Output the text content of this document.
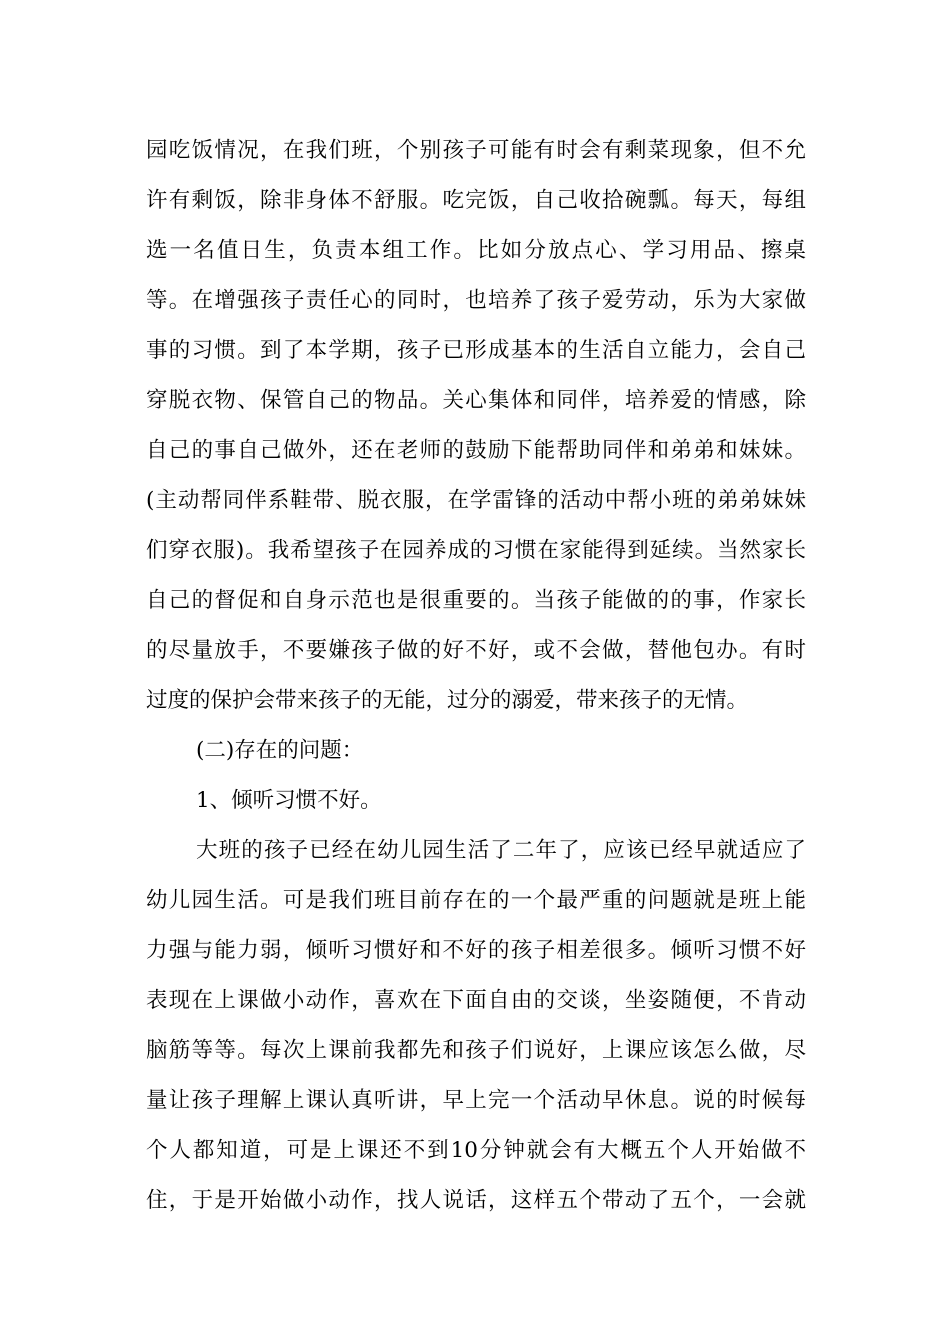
园吃饭情况，在我们班，个别孩子可能有时会有剩菜现象，但不允
许有剩饭，除非身体不舒服。吃完饭，自己收拾碗瓢。每天，每组
选一名值日生，负责本组工作。比如分放点心、学习用品、擦桌
等。在增强孩子责任心的同时，也培养了孩子爱劳动，乐为大家做
事的习惯。到了本学期，孩子已形成基本的生活自立能力，会自己
穿脱衣物、保管自己的物品。关心集体和同伴，培养爱的情感，除
自己的事自己做外，还在老师的鼓励下能帮助同伴和弟弟和妹妹。
(主动帮同伴系鞋带、脱衣服，在学雷锋的活动中帮小班的弟弟妹妹
们穿衣服)。我希望孩子在园养成的习惯在家能得到延续。当然家长
自己的督促和自身示范也是很重要的。当孩子能做的的事，作家长
的尽量放手，不要嫌孩子做的好不好，或不会做，替他包办。有时
过度的保护会带来孩子的无能，过分的溺爱，带来孩子的无情。
(二)存在的问题：
1、倾听习惯不好。
大班的孩子已经在幼儿园生活了二年了，应该已经早就适应了
幼儿园生活。可是我们班目前存在的一个最严重的问题就是班上能
力强与能力弱，倾听习惯好和不好的孩子相差很多。倾听习惯不好
表现在上课做小动作，喜欢在下面自由的交谈，坐姿随便，不肯动
脑筋等等。每次上课前我都先和孩子们说好，上课应该怎么做，尽
量让孩子理解上课认真听讲，早上完一个活动早休息。说的时候每
个人都知道，可是上课还不到10分钟就会有大概五个人开始做不
住，于是开始做小动作，找人说话，这样五个带动了五个，一会就
